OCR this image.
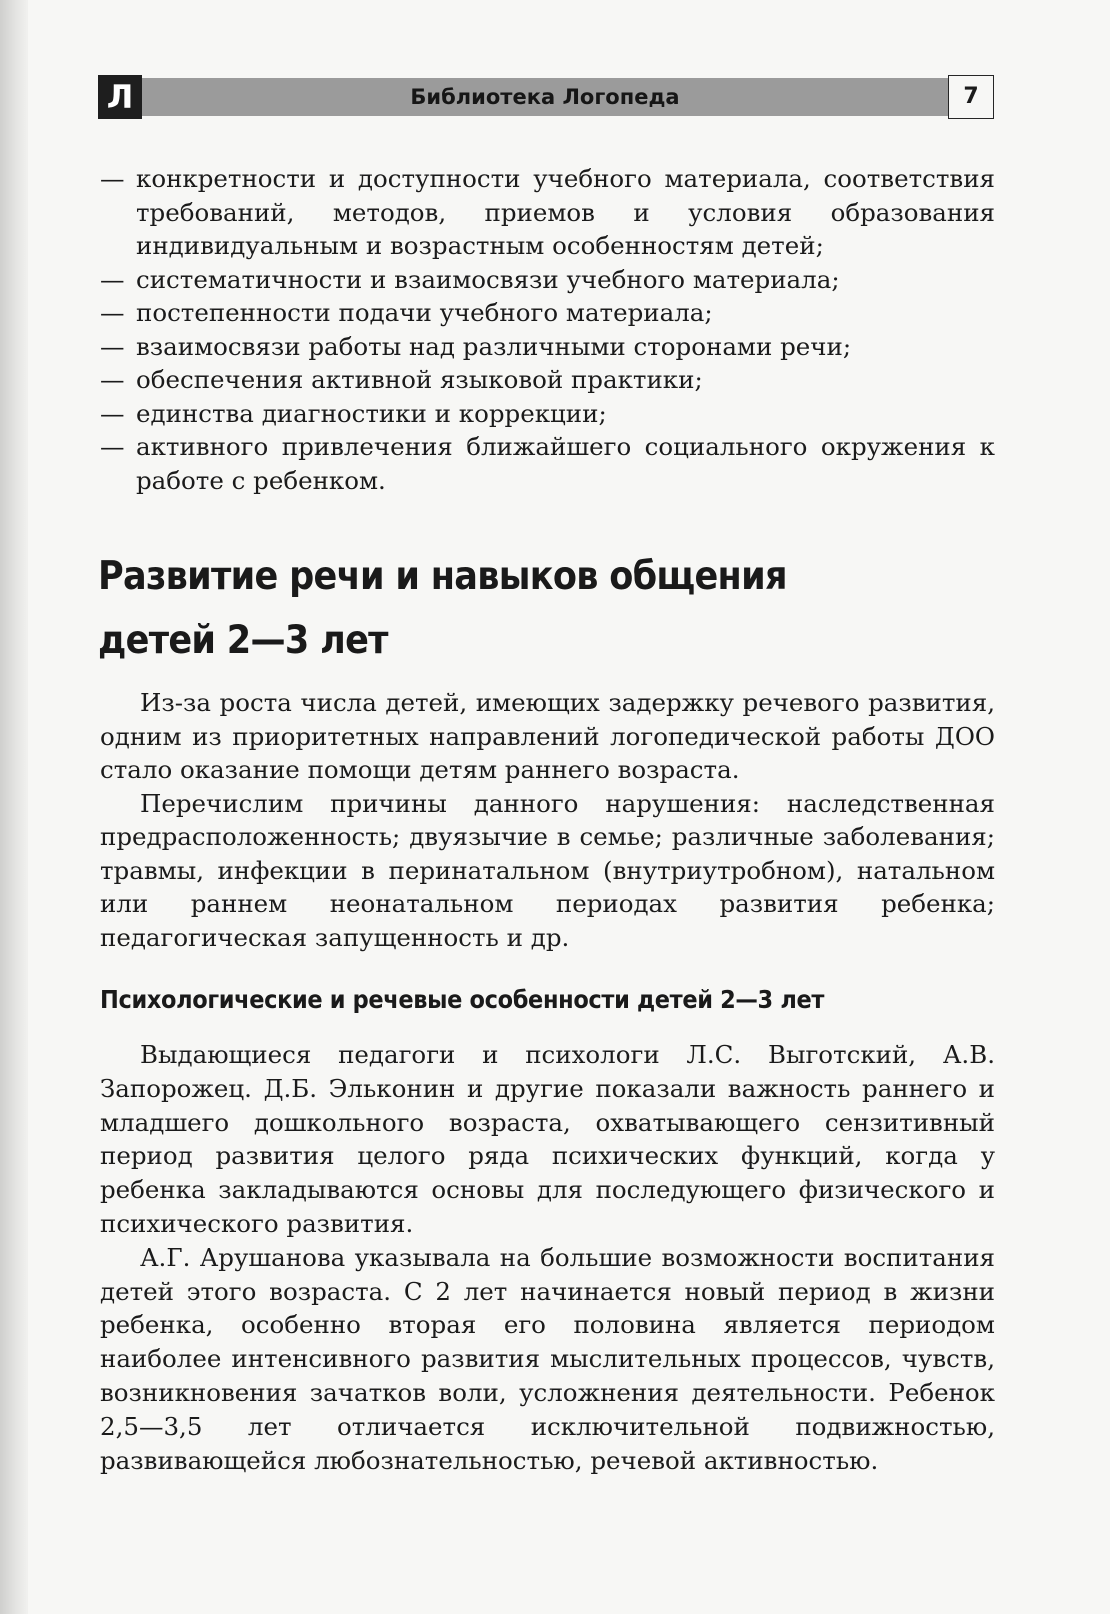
Л	Библиотека Логопеда	7
— конкретности и доступности учебного материала, соответствия требований, методов, приемов и условия образования индивидуальным и возрастным особенностям детей;
— систематичности и взаимосвязи учебного материала;
— постепенности подачи учебного материала;
— взаимосвязи работы над различными сторонами речи;
— обеспечения активной языковой практики;
— единства диагностики и коррекции;
— активного привлечения ближайшего социального окружения к работе с ребенком.
Развитие речи и навыков общения
детей 2—3 лет

Из-за роста числа детей, имеющих задержку речевого развития, одним из приоритетных направлений логопедической работы ДОО стало оказание помощи детям раннего возраста.

Перечислим причины данного нарушения: наследственная предрасположенность; двуязычие в семье; различные заболевания; травмы, инфекции в перинатальном (внутриутробном), натальном или раннем неонатальном периодах развития ребенка; педагогическая запущенность и др.

Психологические и речевые особенности детей 2—3 лет

Выдающиеся педагоги и психологи Л.С. Выготский, А.В. Запорожец. Д.Б. Эльконин и другие показали важность раннего и младшего дошкольного возраста, охватывающего сензитивный период развития целого ряда психических функций, когда у ребенка закладываются основы для последующего физического и психического развития.

А.Г. Арушанова указывала на большие возможности воспитания детей этого возраста. С 2 лет начинается новый период в жизни ребенка, особенно вторая его половина является периодом наиболее интенсивного развития мыслительных процессов, чувств, возникновения зачатков воли, усложнения деятельности. Ребенок 2,5—3,5 лет отличается исключительной подвижностью, развивающейся любознательностью, речевой активностью.
